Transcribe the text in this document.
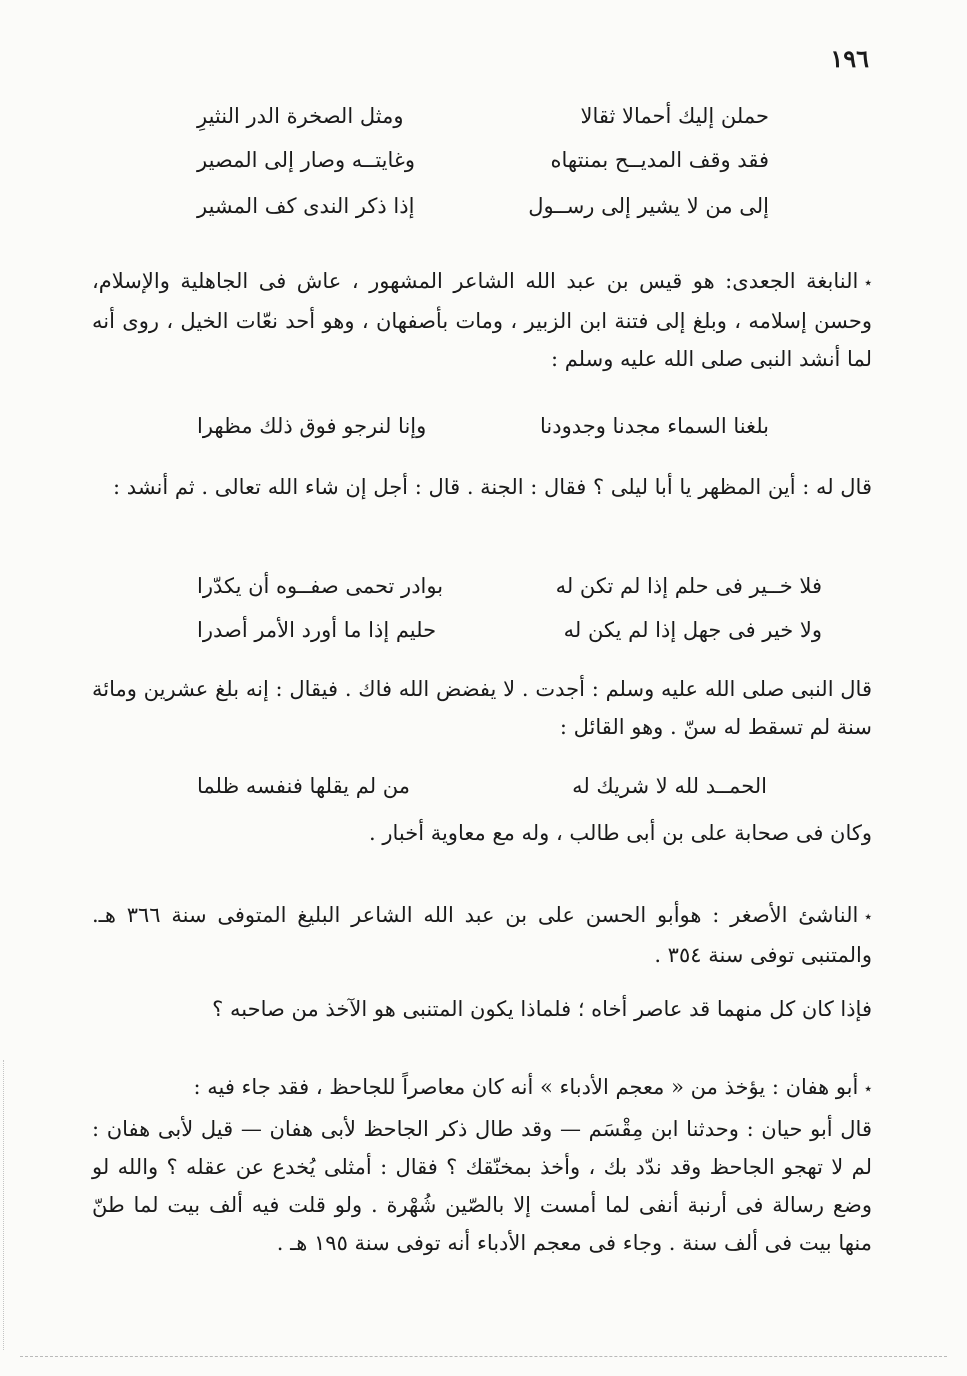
١٩٦
حملن إليك أحمالا ثقالا
ومثل الصخرة الدر النثيرِ
فقد وقف المديــح بمنتهاه
وغايتــه وصار إلى المصير
إلى من لا يشير إلى رســول
إذا ذكر الندى كف المشير
٭النابغة الجعدى: هو قيس بن عبد الله الشاعر المشهور ، عاش فى الجاهلية والإسلام، وحسن إسلامه ، وبلغ إلى فتنة ابن الزبير ، ومات بأصفهان ، وهو أحد نعّات الخيل ، روى أنه لما أنشد النبى صلى الله عليه وسلم :
بلغنا السماء مجدنا وجدودنا
وإنا لنرجو فوق ذلك مظهرا
قال له : أين المظهر يا أبا ليلى ؟ فقال : الجنة . قال : أجل إن شاء الله تعالى . ثم أنشد :
فلا خــير فى حلم إذا لم تكن له
بوادر تحمى صفــوه أن يكدّرا
ولا خير فى جهل إذا لم يكن له
حليم إذا ما أورد الأمر أصدرا
قال النبى صلى الله عليه وسلم : أجدت . لا يفضض الله فاك . فيقال : إنه بلغ عشرين ومائة سنة لم تسقط له سنّ . وهو القائل :
الحمــد لله لا شريك له
من لم يقلها فنفسه ظلما
وكان فى صحابة على بن أبى طالب ، وله مع معاوية أخبار .
٭الناشئ الأصغر : هوأبو الحسن على بن عبد الله الشاعر البليغ المتوفى سنة ٣٦٦ هـ. والمتنبى توفى سنة ٣٥٤ .
فإذا كان كل منهما قد عاصر أخاه ؛ فلماذا يكون المتنبى هو الآخذ من صاحبه ؟
٭أبو هفان : يؤخذ من « معجم الأدباء » أنه كان معاصراً للجاحظ ، فقد جاء فيه :
قال أبو حيان : وحدثنا ابن مِقْسَم — وقد طال ذكر الجاحظ لأبى هفان — قيل لأبى هفان : لم لا تهجو الجاحظ وقد ندّد بك ، وأخذ بمخنّقك ؟ فقال : أمثلى يُخدع عن عقله ؟ والله لو وضع رسالة فى أرنبة أنفى لما أمست إلا بالصّين شُهْرة . ولو قلت فيه ألف بيت لما طنّ منها بيت فى ألف سنة . وجاء فى معجم الأدباء أنه توفى سنة ١٩٥ هـ .
